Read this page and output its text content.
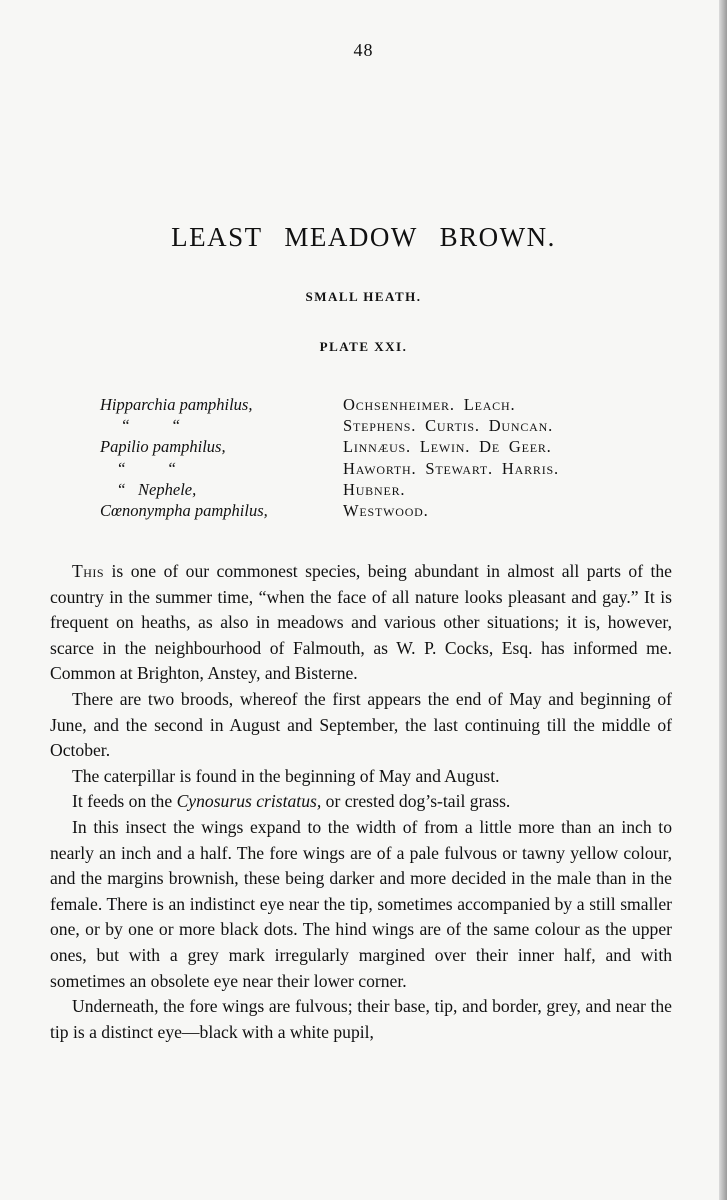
48
LEAST MEADOW BROWN.
SMALL HEATH.
PLATE XXI.
Hipparchia pamphilus,	Ochsenheimer. Leach.
“          “	Stephens. Curtis. Duncan.
Papilio pamphilus,	Linnæus. Lewin. De Geer.
“          “	Haworth. Stewart. Harris.
“   Nephele,	Hubner.
Cœnonympha pamphilus,	Westwood.

This is one of our commonest species, being abundant in almost all parts of the country in the summer time, “when the face of all nature looks pleasant and gay.” It is frequent on heaths, as also in meadows and various other situations; it is, however, scarce in the neighbourhood of Falmouth, as W. P. Cocks, Esq. has informed me. Common at Brighton, Anstey, and Bisterne.

There are two broods, whereof the first appears the end of May and beginning of June, and the second in August and September, the last continuing till the middle of October.

The caterpillar is found in the beginning of May and August.

It feeds on the Cynosurus cristatus, or crested dog’s-tail grass.

In this insect the wings expand to the width of from a little more than an inch to nearly an inch and a half. The fore wings are of a pale fulvous or tawny yellow colour, and the margins brownish, these being darker and more decided in the male than in the female. There is an indistinct eye near the tip, sometimes accompanied by a still smaller one, or by one or more black dots. The hind wings are of the same colour as the upper ones, but with a grey mark irregularly margined over their inner half, and with sometimes an obsolete eye near their lower corner.

Underneath, the fore wings are fulvous; their base, tip, and border, grey, and near the tip is a distinct eye—black with a white pupil,
